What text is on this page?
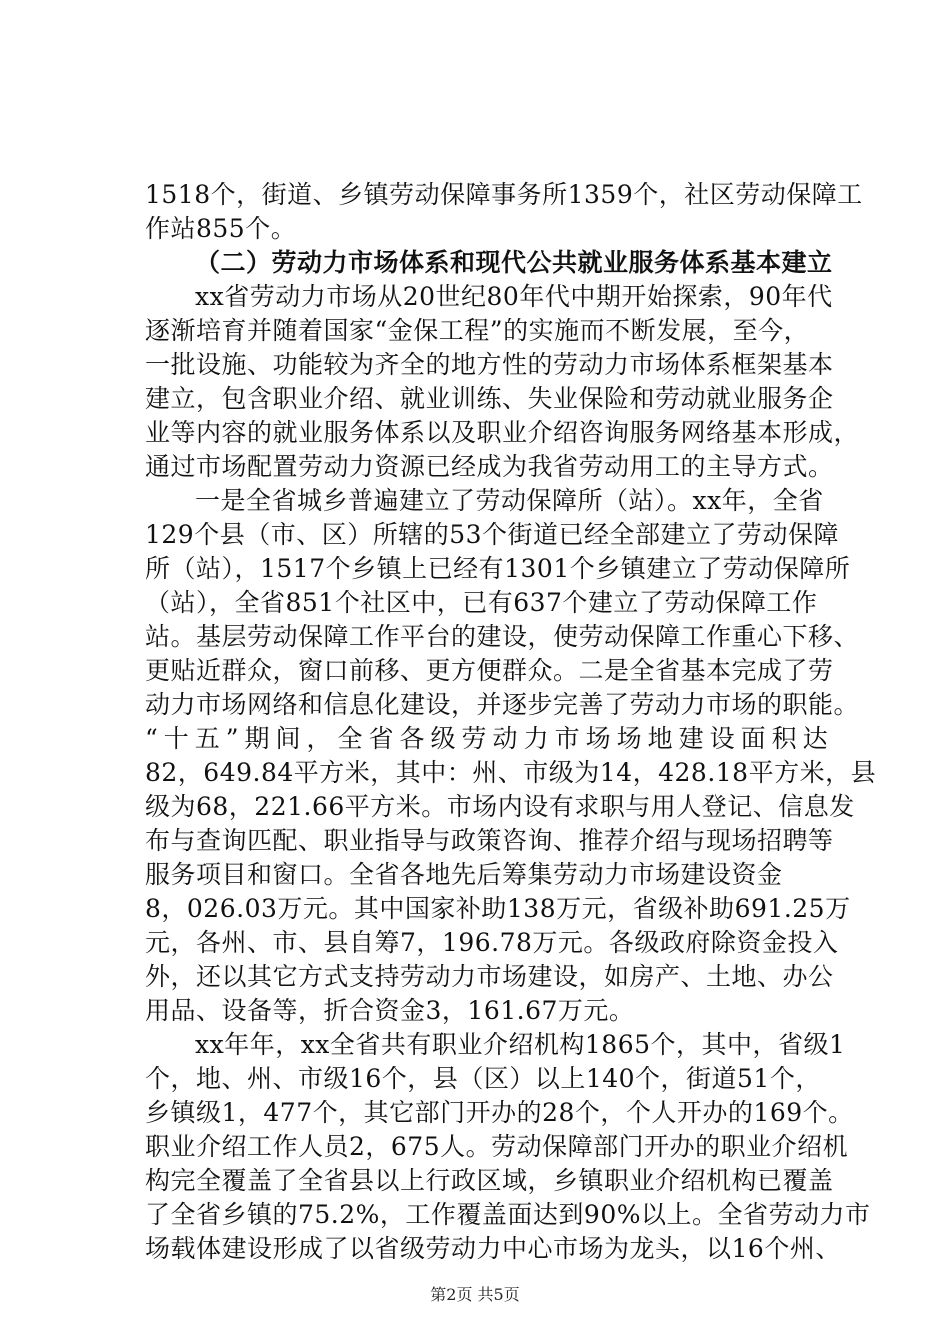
1518个，街道、乡镇劳动保障事务所1359个，社区劳动保障工
作站855个。
（二）劳动力市场体系和现代公共就业服务体系基本建立
xx省劳动力市场从20世纪80年代中期开始探索，90年代
逐渐培育并随着国家“金保工程”的实施而不断发展，至今，
一批设施、功能较为齐全的地方性的劳动力市场体系框架基本
建立，包含职业介绍、就业训练、失业保险和劳动就业服务企
业等内容的就业服务体系以及职业介绍咨询服务网络基本形成，
通过市场配置劳动力资源已经成为我省劳动用工的主导方式。
一是全省城乡普遍建立了劳动保障所（站）。xx年，全省
129个县（市、区）所辖的53个街道已经全部建立了劳动保障
所（站），1517个乡镇上已经有1301个乡镇建立了劳动保障所
（站），全省851个社区中，已有637个建立了劳动保障工作
站。基层劳动保障工作平台的建设，使劳动保障工作重心下移、
更贴近群众，窗口前移、更方便群众。二是全省基本完成了劳
动力市场网络和信息化建设，并逐步完善了劳动力市场的职能。
“十五”期间，全省各级劳动力市场场地建设面积达
82，649.84平方米，其中：州、市级为14，428.18平方米，县
级为68，221.66平方米。市场内设有求职与用人登记、信息发
布与查询匹配、职业指导与政策咨询、推荐介绍与现场招聘等
服务项目和窗口。全省各地先后筹集劳动力市场建设资金
8，026.03万元。其中国家补助138万元，省级补助691.25万
元，各州、市、县自筹7，196.78万元。各级政府除资金投入
外，还以其它方式支持劳动力市场建设，如房产、土地、办公
用品、设备等，折合资金3，161.67万元。
xx年年，xx全省共有职业介绍机构1865个，其中，省级1
个，地、州、市级16个，县（区）以上140个，街道51个，
乡镇级1，477个，其它部门开办的28个，个人开办的169个。
职业介绍工作人员2，675人。劳动保障部门开办的职业介绍机
构完全覆盖了全省县以上行政区域，乡镇职业介绍机构已覆盖
了全省乡镇的75.2%，工作覆盖面达到90%以上。全省劳动力市
场载体建设形成了以省级劳动力中心市场为龙头，以16个州、
第2页 共5页
